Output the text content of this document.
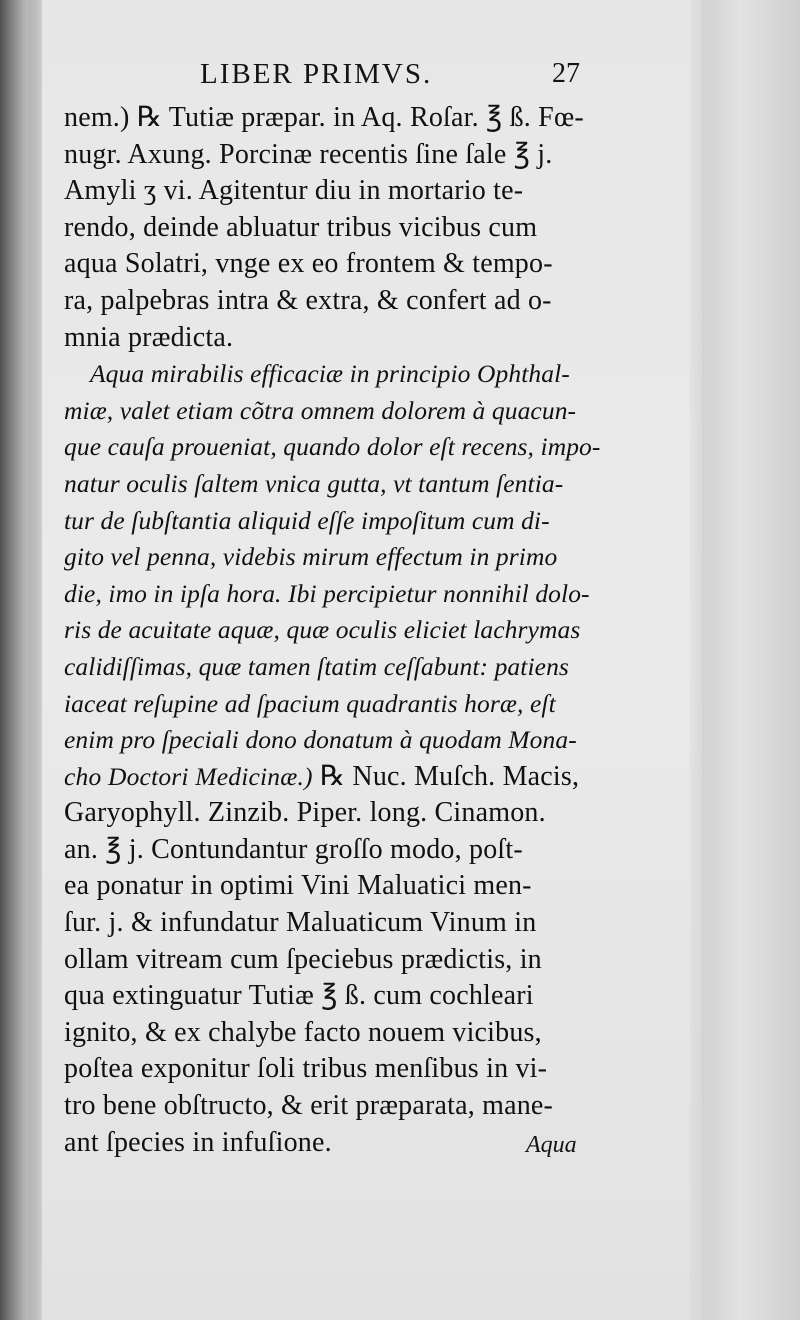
LIBER PRIMVS.	27
nem.) ℞ Tutiæ præpar. in Aq. Roſar. ℥ ß. Fœ-
nugr. Axung. Porcinæ recentis ſine ſale ℥ j.
Amyli ʒ vi. Agitentur diu in mortario te-
rendo, deinde abluatur tribus vicibus cum
aqua Solatri, vnge ex eo frontem & tempo-
ra, palpebras intra & extra, & confert ad o-
mnia prædicta.
Aqua mirabilis efficaciæ in principio Ophthal-
miæ, valet etiam cõtra omnem dolorem à quacun-
que cauſa proueniat, quando dolor eſt recens, impo-
natur oculis ſaltem vnica gutta, vt tantum ſentia-
tur de ſubſtantia aliquid eſſe impoſitum cum di-
gito vel penna, videbis mirum effectum in primo
die, imo in ipſa hora. Ibi percipietur nonnihil dolo-
ris de acuitate aquæ, quæ oculis eliciet lachrymas
calidiſſimas, quæ tamen ſtatim ceſſabunt: patiens
iaceat reſupine ad ſpacium quadrantis horæ, eſt
enim pro ſpeciali dono donatum à quodam Mona-
cho Doctori Medicinæ.) ℞ Nuc. Muſch. Macis,
Garyophyll. Zinzib. Piper. long. Cinamon.
an. ℥ j. Contundantur groſſo modo, poſt-
ea ponatur in optimi Vini Maluatici men-
ſur. j. & infundatur Maluaticum Vinum in
ollam vitream cum ſpeciebus prædictis, in
qua extinguatur Tutiæ ℥ ß. cum cochleari
ignito, & ex chalybe facto nouem vicibus,
poſtea exponitur ſoli tribus menſibus in vi-
tro bene obſtructo, & erit præparata, mane-
ant ſpecies in infuſione.	Aqua
